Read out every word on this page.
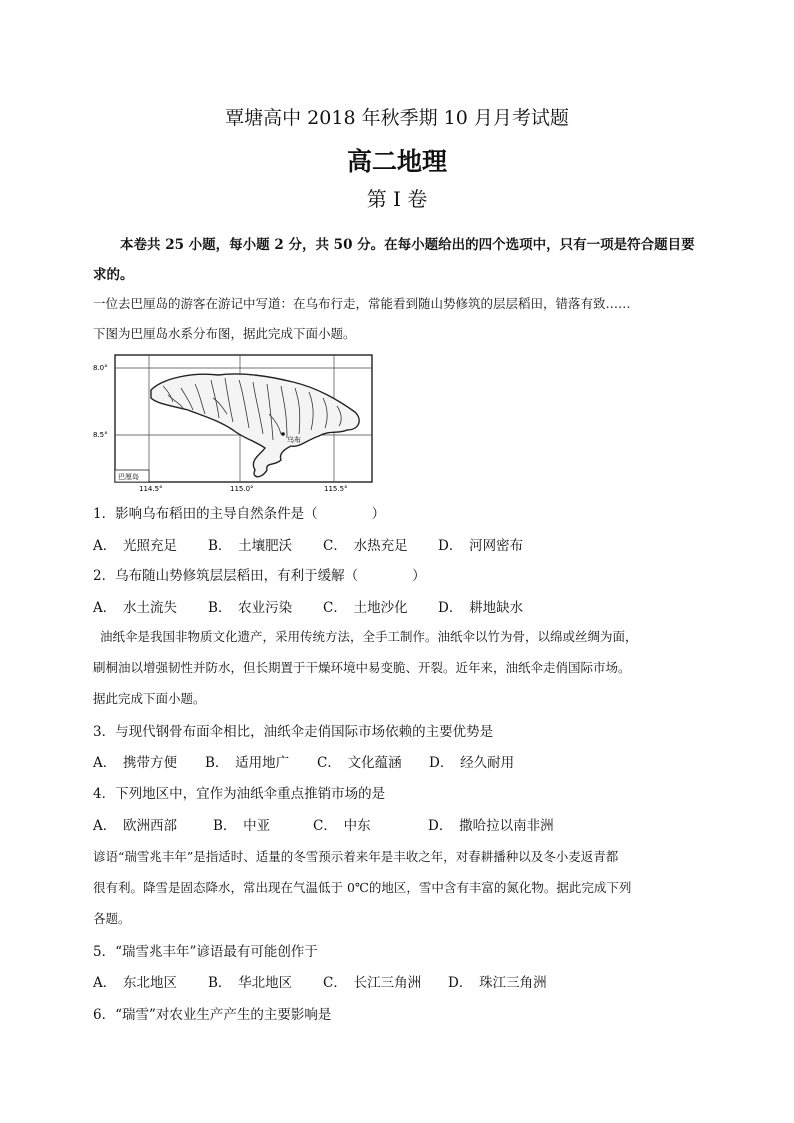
覃塘高中 2018 年秋季期 10 月月考试题
高二地理
第 I 卷
本卷共 25 小题，每小题 2 分，共 50 分。在每小题给出的四个选项中，只有一项是符合题目要
求的。
一位去巴厘岛的游客在游记中写道：在乌布行走，常能看到随山势修筑的层层稻田，错落有致……
下图为巴厘岛水系分布图，据此完成下面小题。
乌布
8.0°
8.5°
114.5°	115.0°	115.5°
巴厘岛
1．影响乌布稻田的主导自然条件是（　　　　）
A．　光照充足 B．　土壤肥沃 C．　水热充足 D．　河网密布
2．乌布随山势修筑层层稻田，有利于缓解（　　　　）
A．　水土流失 B．　农业污染 C．　土地沙化 D．　耕地缺水
油纸伞是我国非物质文化遗产，采用传统方法，全手工制作。油纸伞以竹为骨，以绵或丝绸为面，
刷桐油以增强韧性并防水，但长期置于干燥环境中易变脆、开裂。近年来，油纸伞走俏国际市场。
据此完成下面小题。
3．与现代钢骨布面伞相比，油纸伞走俏国际市场依赖的主要优势是
A．　携带方便 B．　适用地广 C．　文化蕴涵 D．　经久耐用
4．下列地区中，宜作为油纸伞重点推销市场的是
A．　欧洲西部	B．　中亚	C．　中东	D．　撒哈拉以南非洲
谚语“瑞雪兆丰年”是指适时、适量的冬雪预示着来年是丰收之年，对春耕播种以及冬小麦返青都
很有利。降雪是固态降水，常出现在气温低于 0℃的地区，雪中含有丰富的氮化物。据此完成下列
各题。
5．“瑞雪兆丰年”谚语最有可能创作于
A．　东北地区 B．　华北地区 C．　长江三角洲 D．　珠江三角洲
6．“瑞雪”对农业生产产生的主要影响是
